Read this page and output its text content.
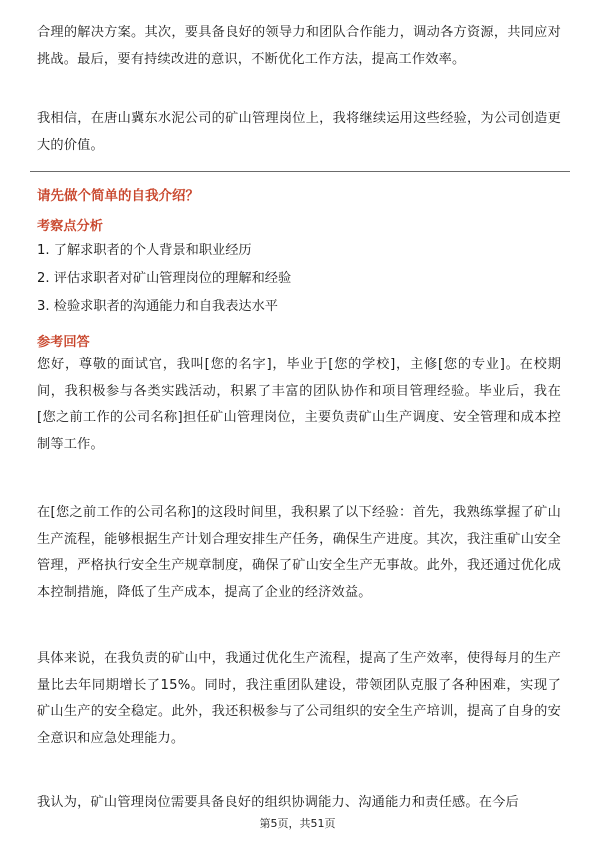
合理的解决方案。其次，要具备良好的领导力和团队合作能力，调动各方资源，共同应对挑战。最后，要有持续改进的意识，不断优化工作方法，提高工作效率。

我相信，在唐山冀东水泥公司的矿山管理岗位上，我将继续运用这些经验，为公司创造更大的价值。

请先做个简单的自我介绍？

考察点分析

1. 了解求职者的个人背景和职业经历

2. 评估求职者对矿山管理岗位的理解和经验

3. 检验求职者的沟通能力和自我表达水平

参考回答

您好，尊敬的面试官，我叫[您的名字]，毕业于[您的学校]，主修[您的专业]。在校期间，我积极参与各类实践活动，积累了丰富的团队协作和项目管理经验。毕业后，我在[您之前工作的公司名称]担任矿山管理岗位，主要负责矿山生产调度、安全管理和成本控制等工作。

在[您之前工作的公司名称]的这段时间里，我积累了以下经验：首先，我熟练掌握了矿山生产流程，能够根据生产计划合理安排生产任务，确保生产进度。其次，我注重矿山安全管理，严格执行安全生产规章制度，确保了矿山安全生产无事故。此外，我还通过优化成本控制措施，降低了生产成本，提高了企业的经济效益。

具体来说，在我负责的矿山中，我通过优化生产流程，提高了生产效率，使得每月的生产量比去年同期增长了15%。同时，我注重团队建设，带领团队克服了各种困难，实现了矿山生产的安全稳定。此外，我还积极参与了公司组织的安全生产培训，提高了自身的安全意识和应急处理能力。

我认为，矿山管理岗位需要具备良好的组织协调能力、沟通能力和责任感。在今后

第5页，共51页
